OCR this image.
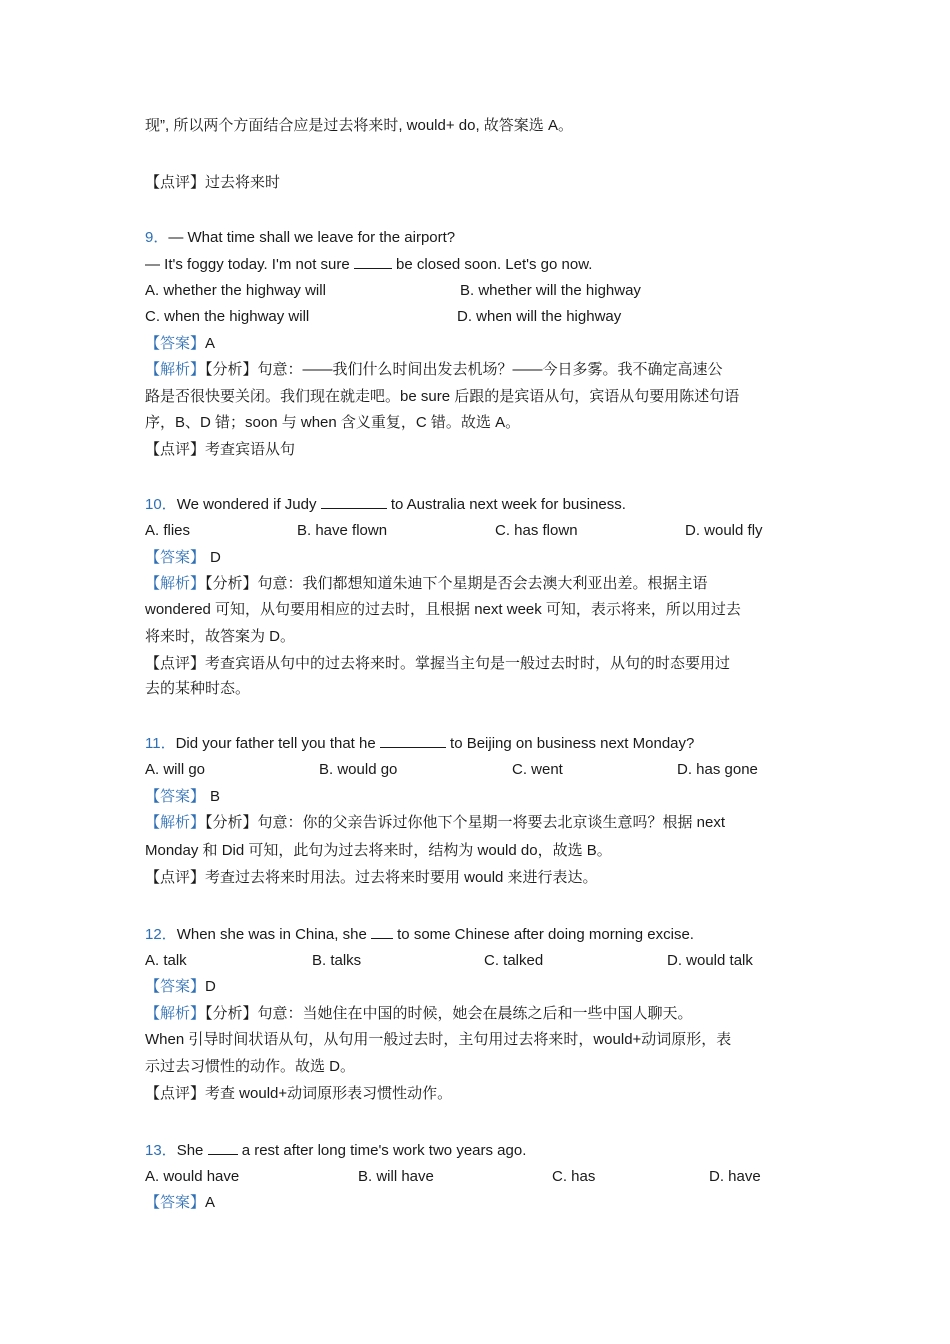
现”, 所以两个方面结合应是过去将来时, would+ do, 故答案选 A。
【点评】过去将来时
9．— What time shall we leave for the airport?
— It's foggy today. I'm not sure	be closed soon. Let's go now.
A. whether the highway will	B. whether will the highway
C. when the highway will	D. when will the highway
【答案】A
【解析】【分析】句意：——我们什么时间出发去机场？——今日多雾。我不确定高速公
路是否很快要关闭。我们现在就走吧。be sure 后跟的是宾语从句，宾语从句要用陈述句语
序，B、D 错；soon 与 when 含义重复，C 错。故选 A。
【点评】考查宾语从句
10．We wondered if Judy	to Australia next week for business.
A. flies	B. have flown	C. has flown	D. would fly
【答案】 D
【解析】【分析】句意：我们都想知道朱迪下个星期是否会去澳大利亚出差。根据主语
wondered 可知，从句要用相应的过去时，且根据 next week 可知，表示将来，所以用过去
将来时，故答案为 D。
【点评】考查宾语从句中的过去将来时。掌握当主句是一般过去时时，从句的时态要用过
去的某种时态。
11．Did your father tell you that he	to Beijing on business next Monday?
A. will go	B. would go	C. went	D. has gone
【答案】 B
【解析】【分析】句意：你的父亲告诉过你他下个星期一将要去北京谈生意吗？根据 next
Monday 和 Did 可知，此句为过去将来时，结构为 would do，故选 B。
【点评】考查过去将来时用法。过去将来时要用 would 来进行表达。
12．When she was in China, she  to some Chinese after doing morning excise.
A. talk	B. talks	C. talked	D. would talk
【答案】D
【解析】【分析】句意：当她住在中国的时候，她会在晨练之后和一些中国人聊天。
When 引导时间状语从句，从句用一般过去时，主句用过去将来时，would+动词原形，表
示过去习惯性的动作。故选 D。
【点评】考查 would+动词原形表习惯性动作。
13．She  a rest after long time's work two years ago.
A. would have	B. will have	C. has	D. have
【答案】A
